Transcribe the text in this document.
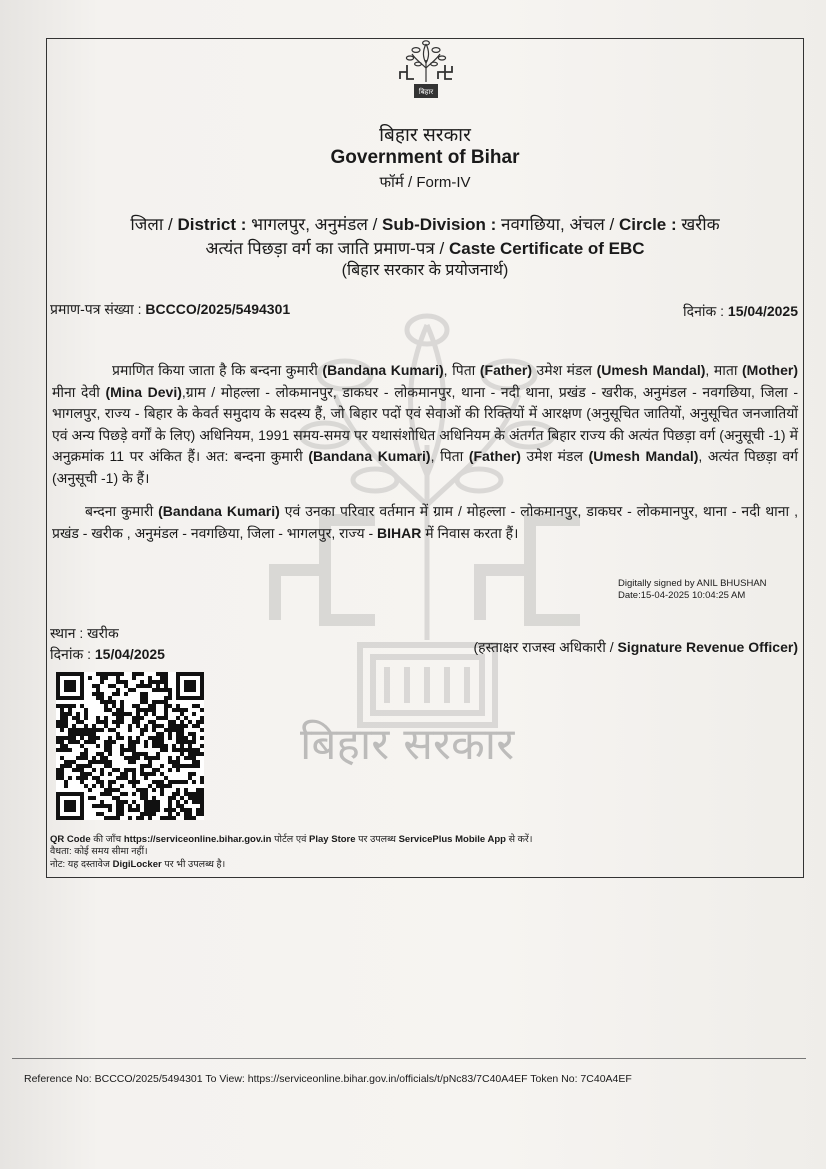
बिहार
बिहार सरकार
बिहार सरकार
Government of Bihar
फॉर्म / Form-IV
जिला / District : भागलपुर, अनुमंडल / Sub-Division : नवगछिया, अंचल / Circle : खरीक
अत्यंत पिछड़ा वर्ग का जाति प्रमाण-पत्र / Caste Certificate of EBC
(बिहार सरकार के प्रयोजनार्थ)
प्रमाण-पत्र संख्या : BCCCO/2025/5494301	दिनांक : 15/04/2025
प्रमाणित किया जाता है कि बन्दना कुमारी (Bandana Kumari), पिता (Father) उमेश मंडल (Umesh Mandal), माता (Mother) मीना देवी (Mina Devi),ग्राम / मोहल्ला - लोकमानपुर, डाकघर - लोकमानपुर, थाना - नदी थाना, प्रखंड - खरीक, अनुमंडल - नवगछिया, जिला - भागलपुर, राज्य - बिहार के केवर्त समुदाय के सदस्य हैं, जो बिहार पदों एवं सेवाओं की रिक्तियों में आरक्षण (अनुसूचित जातियों, अनुसूचित जनजातियों एवं अन्य पिछड़े वर्गों के लिए) अधिनियम, 1991 समय-समय पर यथासंशोधित अधिनियम के अंतर्गत बिहार राज्य की अत्यंत पिछड़ा वर्ग (अनुसूची -1) में अनुक्रमांक 11 पर अंकित हैं। अत: बन्दना कुमारी (Bandana Kumari), पिता (Father) उमेश मंडल (Umesh Mandal), अत्यंत पिछड़ा वर्ग (अनुसूची -1) के हैं।
बन्दना कुमारी (Bandana Kumari) एवं उनका परिवार वर्तमान में ग्राम / मोहल्ला - लोकमानपुर, डाकघर - लोकमानपुर, थाना - नदी थाना , प्रखंड - खरीक , अनुमंडल - नवगछिया, जिला - भागलपुर, राज्य - BIHAR में निवास करता हैं।
Digitally signed by ANIL BHUSHAN
Date:15-04-2025 10:04:25 AM
स्थान : खरीक
दिनांक : 15/04/2025	(हस्ताक्षर राजस्व अधिकारी / Signature Revenue Officer)
QR Code की जाँच https://serviceonline.bihar.gov.in पोर्टल एवं Play Store पर उपलब्ध ServicePlus Mobile App से करें।
वैधता: कोई समय सीमा नहीं।
नोट: यह दस्तावेज DigiLocker पर भी उपलब्ध है।
Reference No: BCCCO/2025/5494301 To View: https://serviceonline.bihar.gov.in/officials/t/pNc83/7C40A4EF Token No: 7C40A4EF
